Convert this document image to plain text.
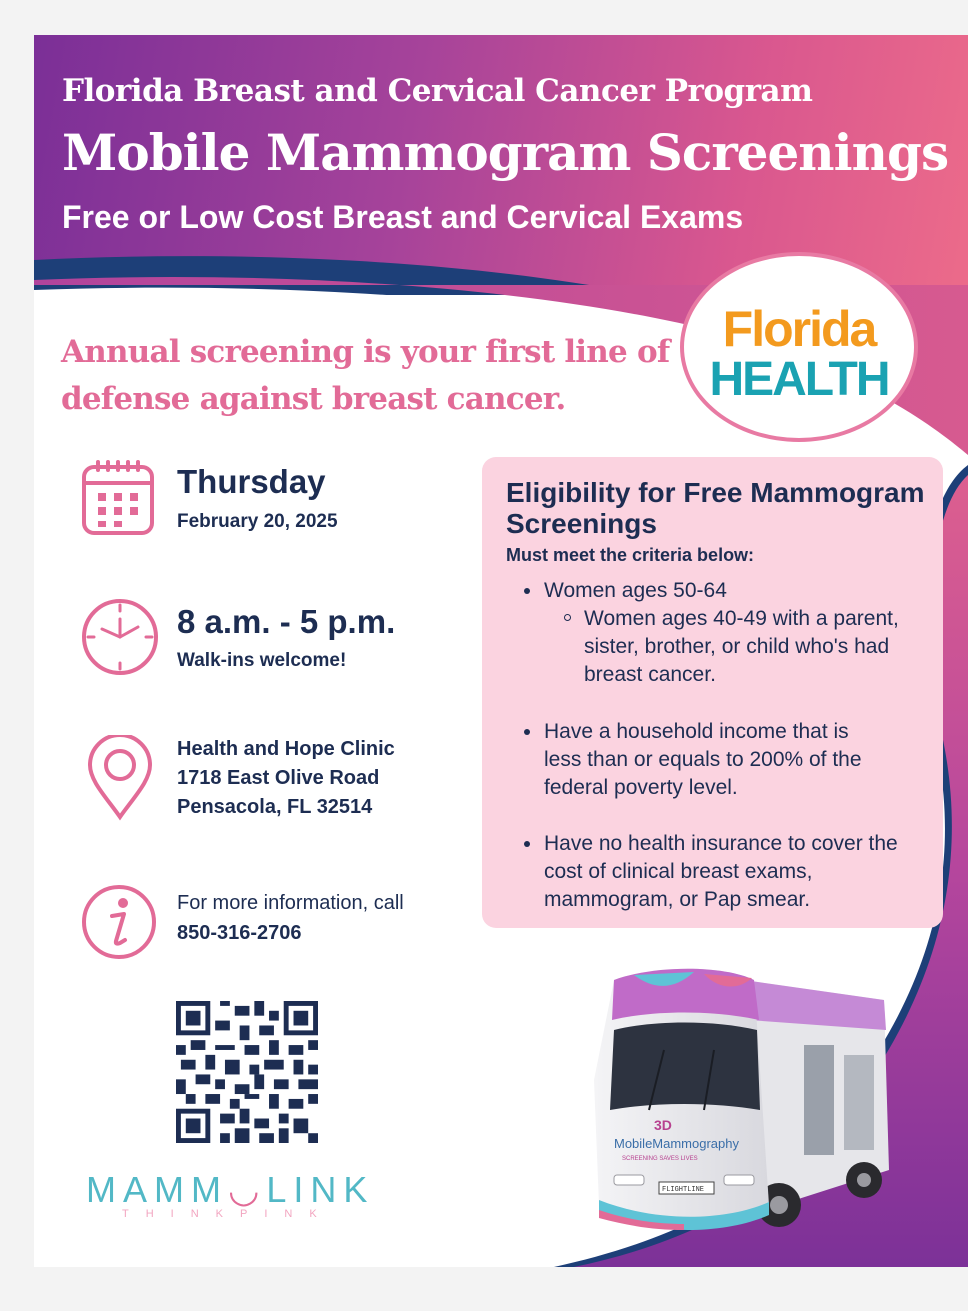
Florida Breast and Cervical Cancer Program
Mobile Mammogram Screenings
Free or Low Cost Breast and Cervical Exams
Florida
HEALTH
Annual screening is your first line of defense against breast cancer.
Thursday
February 20, 2025
8 a.m. - 5 p.m.
Walk-ins welcome!
Health and Hope Clinic
1718 East Olive Road
Pensacola, FL 32514
For more information, call
850-316-2706
Eligibility for Free Mammogram Screenings
Must meet the criteria below:
Women ages 50-64
Women ages 40-49 with a parent, sister, brother, or child who's had breast cancer.
Have a household income that is less than or equals to 200% of the federal poverty level.
Have no health insurance to cover the cost of clinical breast exams, mammogram, or Pap smear.
MAMM◡LINK
THINKPINK
3D
MobileMammography
SCREENING SAVES LIVES
FLIGHTLINE
